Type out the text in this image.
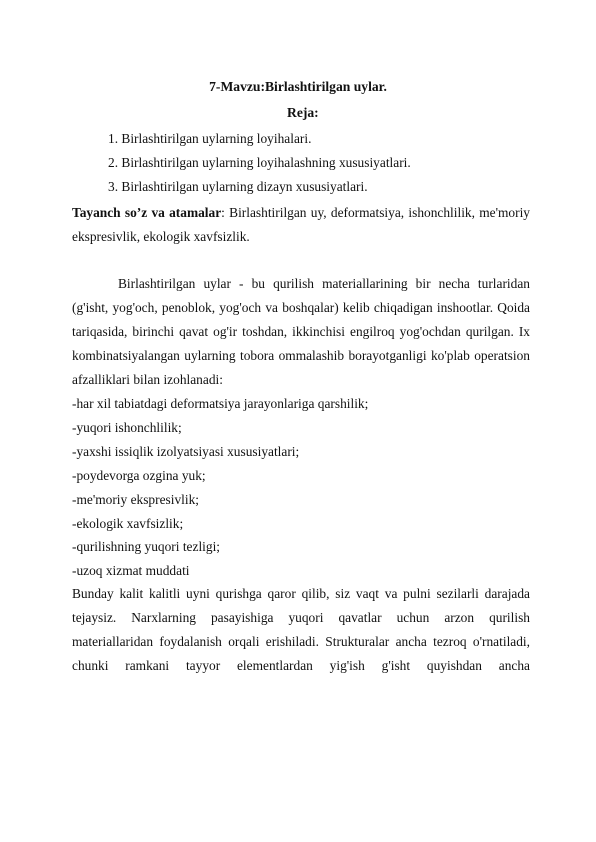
7-Mavzu:Birlashtirilgan uylar.
Reja:
1. Birlashtirilgan uylarning loyihalari.
2. Birlashtirilgan uylarning loyihalashning xususiyatlari.
3. Birlashtirilgan uylarning dizayn xususiyatlari.

Tayanch so’z va atamalar: Birlashtirilgan uy, deformatsiya, ishonchlilik, me'moriy ekspresivlik, ekologik xavfsizlik.

Birlashtirilgan uylar - bu qurilish materiallarining bir necha turlaridan (g'isht, yog'och, penoblok, yog'och va boshqalar) kelib chiqadigan inshootlar. Qoida tariqasida, birinchi qavat og'ir toshdan, ikkinchisi engilroq yog'ochdan qurilgan. Ix kombinatsiyalangan uylarning tobora ommalashib borayotganligi ko'plab operatsion afzalliklari bilan izohlanadi:

-har xil tabiatdagi deformatsiya jarayonlariga qarshilik;
-yuqori ishonchlilik;
-yaxshi issiqlik izolyatsiyasi xususiyatlari;
-poydevorga ozgina yuk;
-me'moriy ekspresivlik;
-ekologik xavfsizlik;
-qurilishning yuqori tezligi;
-uzoq xizmat muddati

Bunday kalit kalitli uyni qurishga qaror qilib, siz vaqt va pulni sezilarli darajada tejaysiz. Narxlarning pasayishiga yuqori qavatlar uchun arzon qurilish materiallaridan foydalanish orqali erishiladi. Strukturalar ancha tezroq o'rnatiladi, chunki ramkani tayyor elementlardan yig'ish g'isht quyishdan ancha
